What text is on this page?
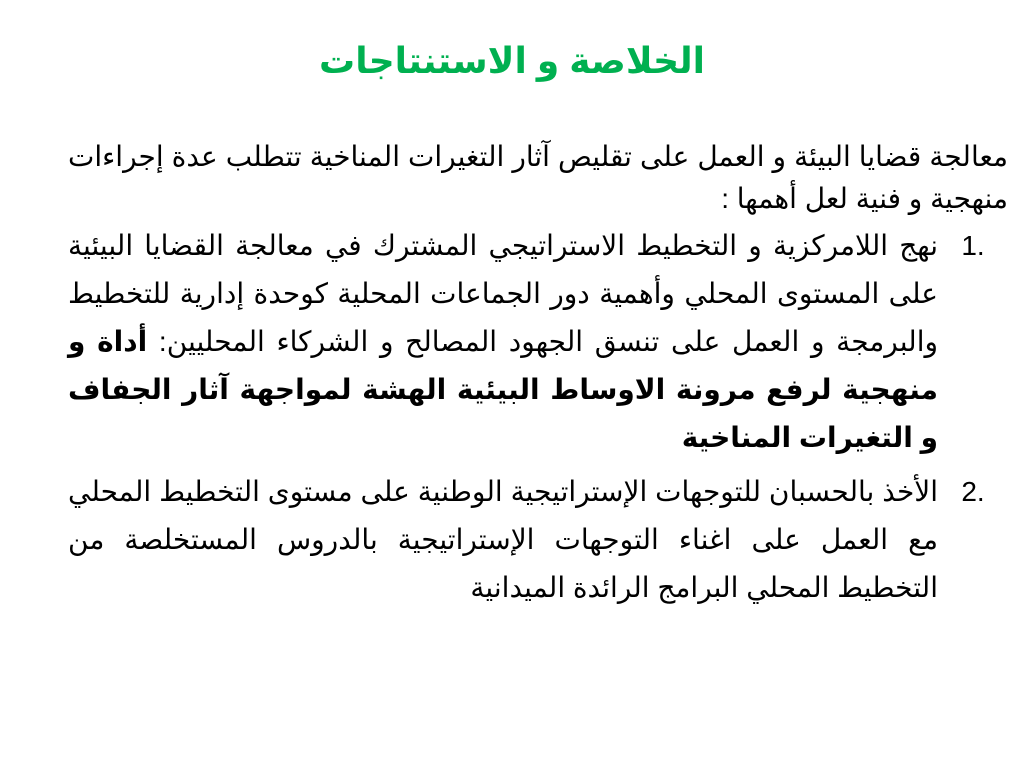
الخلاصة و الاستنتاجات

معالجة قضايا البيئة و العمل على تقليص آثار التغيرات المناخية تتطلب عدة إجراءات منهجية و فنية لعل أهمها :

1.
نهج اللامركزية و التخطيط الاستراتيجي المشترك في معالجة القضايا البيئية على المستوى المحلي وأهمية دور الجماعات المحلية كوحدة إدارية للتخطيط والبرمجة و العمل على تنسق الجهود المصالح و الشركاء المحليين: أداة و منهجية لرفع مرونة الاوساط البيئية الهشة لمواجهة آثار الجفاف و التغيرات المناخية
2.
الأخذ بالحسبان للتوجهات الإستراتيجية الوطنية على مستوى التخطيط المحلي مع العمل على اغناء التوجهات الإستراتيجية بالدروس المستخلصة من التخطيط المحلي البرامج الرائدة الميدانية
